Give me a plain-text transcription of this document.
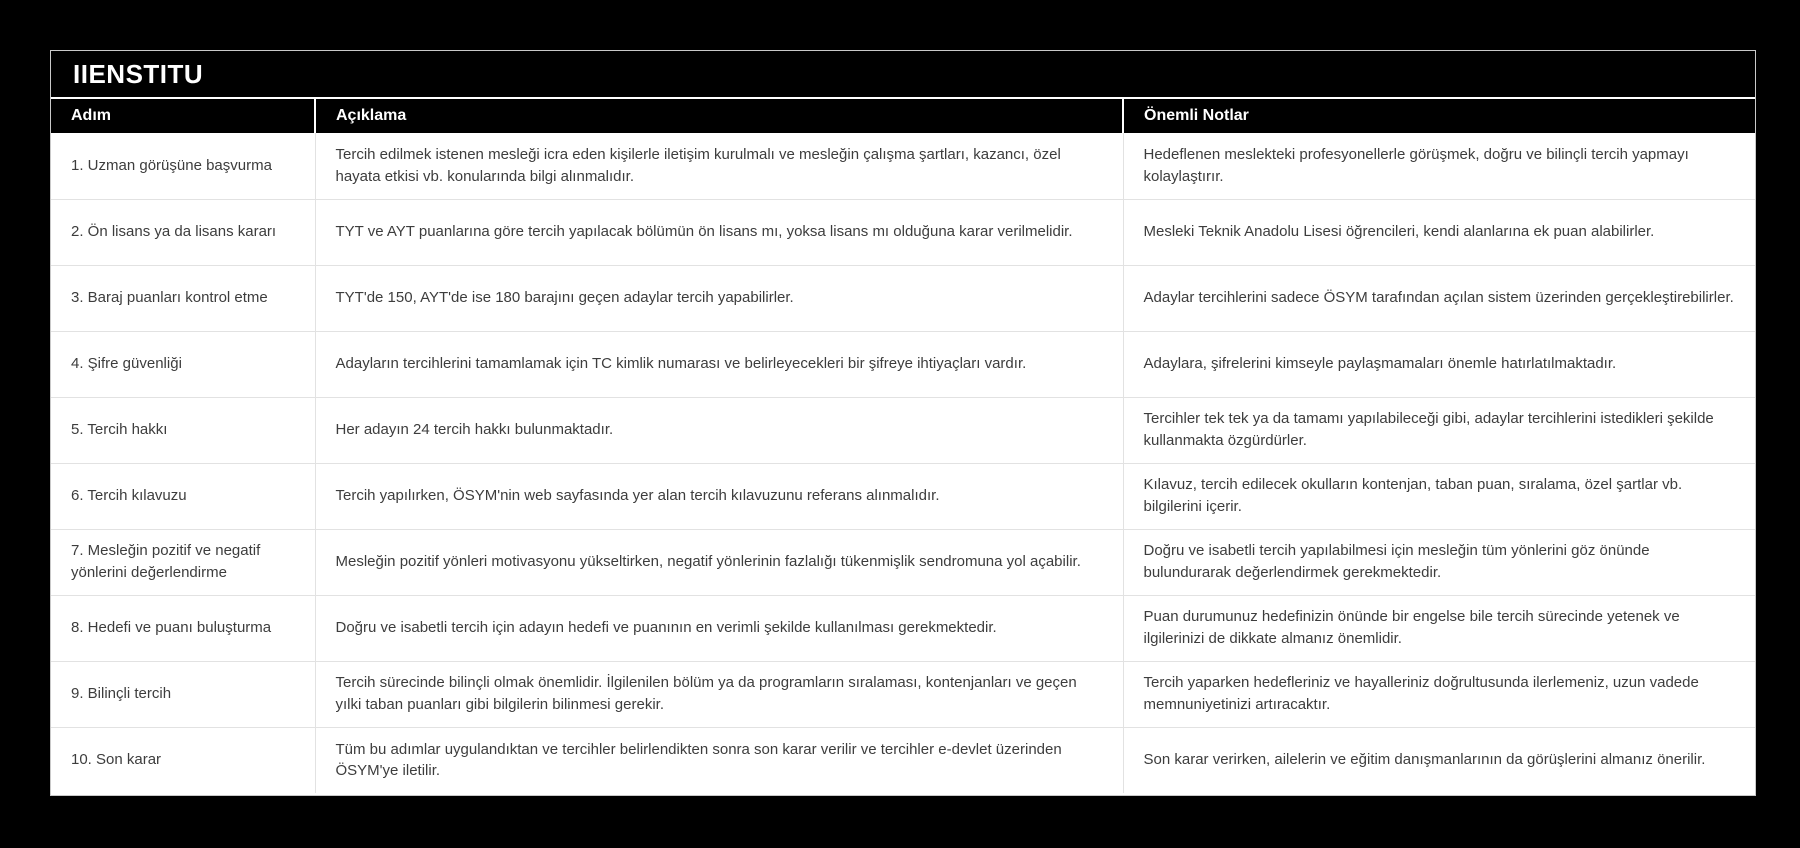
IIENSTITU
Adım	Açıklama	Önemli Notlar
1. Uzman görüşüne başvurma	Tercih edilmek istenen mesleği icra eden kişilerle iletişim kurulmalı ve mesleğin çalışma şartları, kazancı, özel hayata etkisi vb. konularında bilgi alınmalıdır.	Hedeflenen meslekteki profesyonellerle görüşmek, doğru ve bilinçli tercih yapmayı kolaylaştırır.
2. Ön lisans ya da lisans kararı	TYT ve AYT puanlarına göre tercih yapılacak bölümün ön lisans mı, yoksa lisans mı olduğuna karar verilmelidir.	Mesleki Teknik Anadolu Lisesi öğrencileri, kendi alanlarına ek puan alabilirler.
3. Baraj puanları kontrol etme	TYT'de 150, AYT'de ise 180 barajını geçen adaylar tercih yapabilirler.	Adaylar tercihlerini sadece ÖSYM tarafından açılan sistem üzerinden gerçekleştirebilirler.
4. Şifre güvenliği	Adayların tercihlerini tamamlamak için TC kimlik numarası ve belirleyecekleri bir şifreye ihtiyaçları vardır.	Adaylara, şifrelerini kimseyle paylaşmamaları önemle hatırlatılmaktadır.
5. Tercih hakkı	Her adayın 24 tercih hakkı bulunmaktadır.	Tercihler tek tek ya da tamamı yapılabileceği gibi, adaylar tercihlerini istedikleri şekilde kullanmakta özgürdürler.
6. Tercih kılavuzu	Tercih yapılırken, ÖSYM'nin web sayfasında yer alan tercih kılavuzunu referans alınmalıdır.	Kılavuz, tercih edilecek okulların kontenjan, taban puan, sıralama, özel şartlar vb. bilgilerini içerir.
7. Mesleğin pozitif ve negatif yönlerini değerlendirme	Mesleğin pozitif yönleri motivasyonu yükseltirken, negatif yönlerinin fazlalığı tükenmişlik sendromuna yol açabilir.	Doğru ve isabetli tercih yapılabilmesi için mesleğin tüm yönlerini göz önünde bulundurarak değerlendirmek gerekmektedir.
8. Hedefi ve puanı buluşturma	Doğru ve isabetli tercih için adayın hedefi ve puanının en verimli şekilde kullanılması gerekmektedir.	Puan durumunuz hedefinizin önünde bir engelse bile tercih sürecinde yetenek ve ilgilerinizi de dikkate almanız önemlidir.
9. Bilinçli tercih	Tercih sürecinde bilinçli olmak önemlidir. İlgilenilen bölüm ya da programların sıralaması, kontenjanları ve geçen yılki taban puanları gibi bilgilerin bilinmesi gerekir.	Tercih yaparken hedefleriniz ve hayalleriniz doğrultusunda ilerlemeniz, uzun vadede memnuniyetinizi artıracaktır.
10. Son karar	Tüm bu adımlar uygulandıktan ve tercihler belirlendikten sonra son karar verilir ve tercihler e-devlet üzerinden ÖSYM'ye iletilir.	Son karar verirken, ailelerin ve eğitim danışmanlarının da görüşlerini almanız önerilir.
